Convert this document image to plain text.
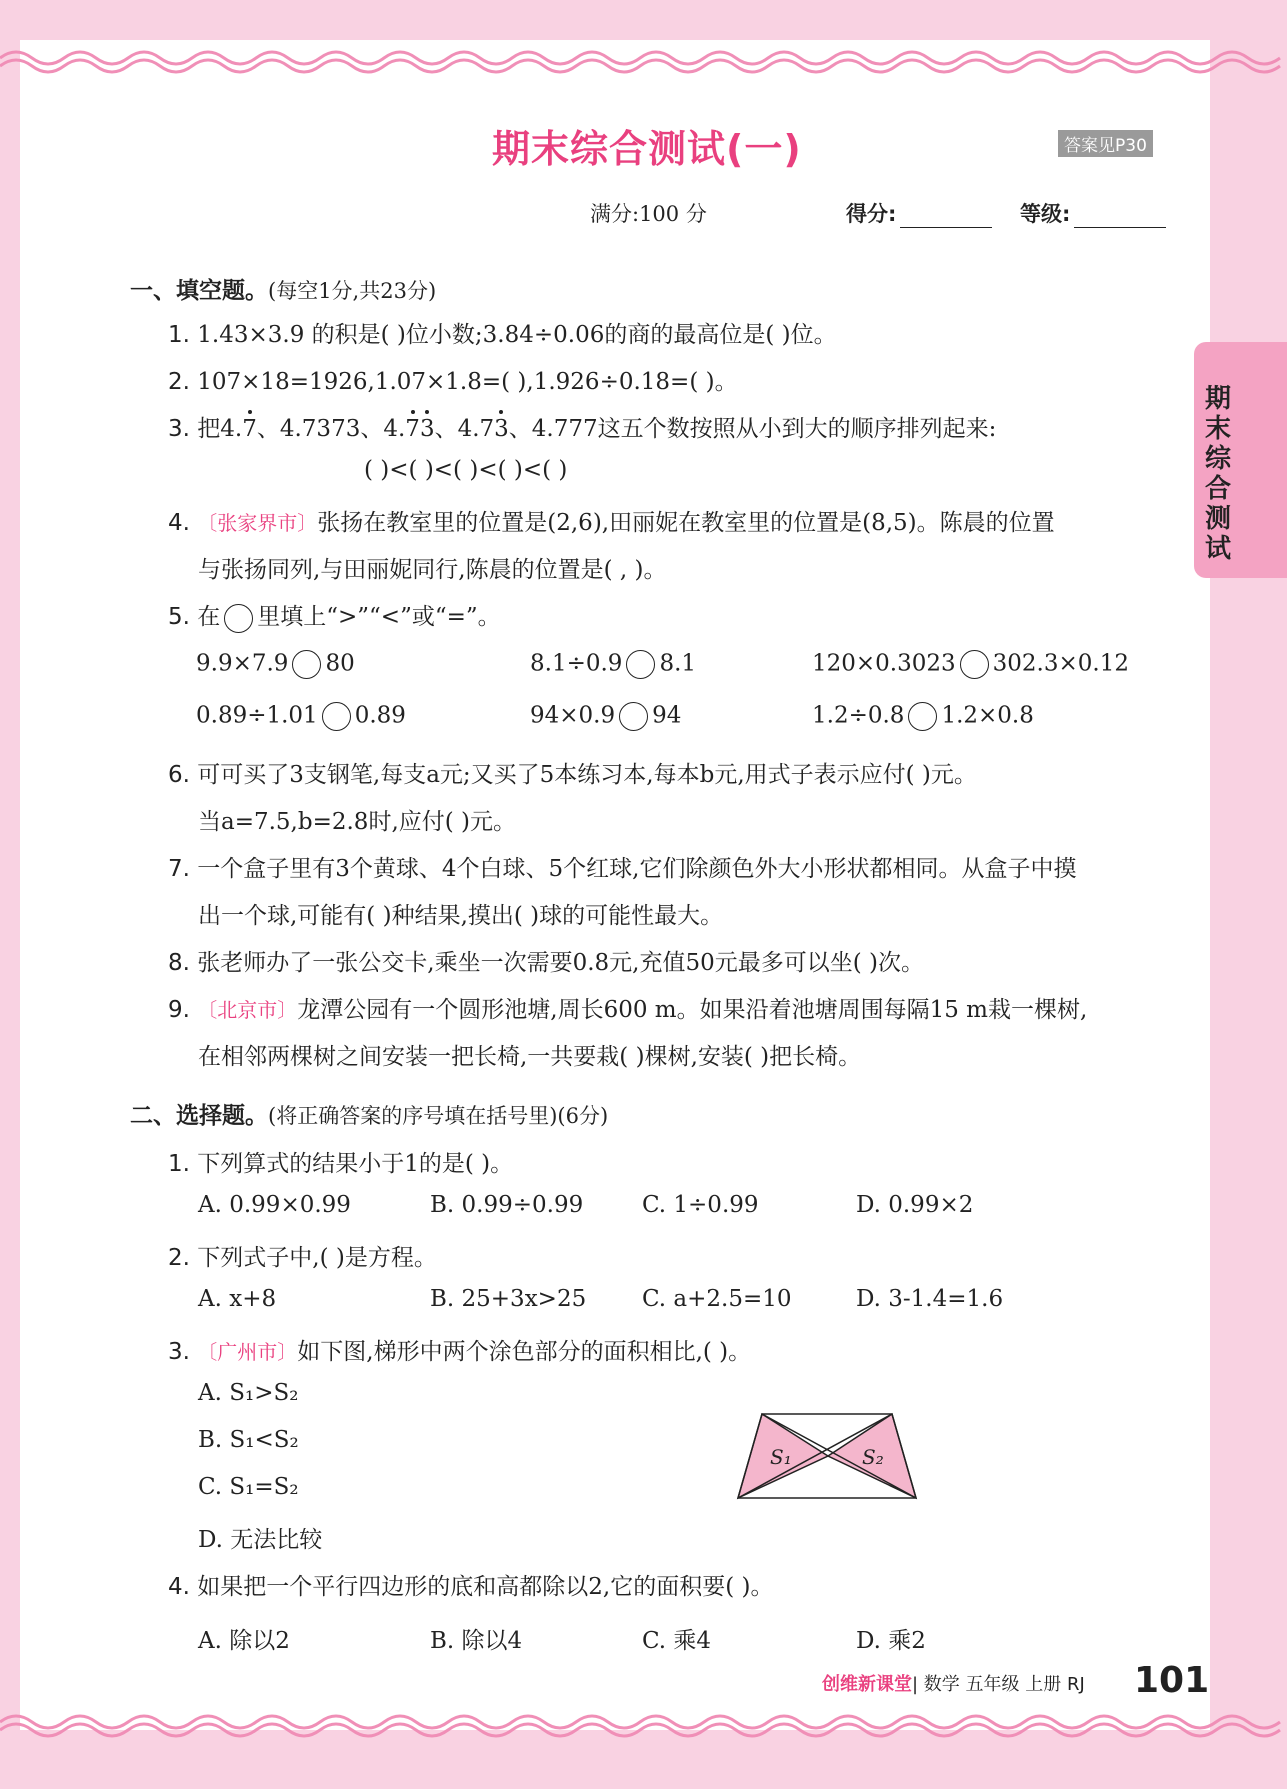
期末综合测试
期末综合测试(一)	答案见P30
满分:100 分	得分:	等级:
一、填空题。(每空1分,共23分)
1. 1.43×3.9 的积是( )位小数;3.84÷0.06的商的最高位是( )位。
2. 107×18=1926,1.07×1.8=( ),1.926÷0.18=( )。
3. 把4.7、4.7373、4.73、4.73、4.777这五个数按照从小到大的顺序排列起来:
( )<( )<( )<( )<( )
4. 〔张家界市〕张扬在教室里的位置是(2,6),田丽妮在教室里的位置是(8,5)。陈晨的位置
与张扬同列,与田丽妮同行,陈晨的位置是( , )。
5. 在 里填上“>”“<”或“=”。
9.9×7.9 80	8.1÷0.9 8.1	120×0.3023 302.3×0.12
0.89÷1.01 0.89	94×0.9 94	1.2÷0.8 1.2×0.8
6. 可可买了3支钢笔,每支a元;又买了5本练习本,每本b元,用式子表示应付( )元。
当a=7.5,b=2.8时,应付( )元。
7. 一个盒子里有3个黄球、4个白球、5个红球,它们除颜色外大小形状都相同。从盒子中摸
出一个球,可能有( )种结果,摸出( )球的可能性最大。
8. 张老师办了一张公交卡,乘坐一次需要0.8元,充值50元最多可以坐( )次。
9. 〔北京市〕龙潭公园有一个圆形池塘,周长600 m。如果沿着池塘周围每隔15 m栽一棵树,
在相邻两棵树之间安装一把长椅,一共要栽( )棵树,安装( )把长椅。
二、选择题。(将正确答案的序号填在括号里)(6分)
1. 下列算式的结果小于1的是( )。
A. 0.99×0.99	B. 0.99÷0.99	C. 1÷0.99	D. 0.99×2
2. 下列式子中,( )是方程。
A. x+8	B. 25+3x>25 C. a+2.5=10	D. 3-1.4=1.6
3. 〔广州市〕如下图,梯形中两个涂色部分的面积相比,( )。
A. S₁>S₂
B. S₁<S₂
C. S₁=S₂
D. 无法比较
S₁	S₂
4. 如果把一个平行四边形的底和高都除以2,它的面积要( )。
A. 除以2	B. 除以4	C. 乘4	D. 乘2
创维新课堂| 数学 五年级 上册 RJ 101
